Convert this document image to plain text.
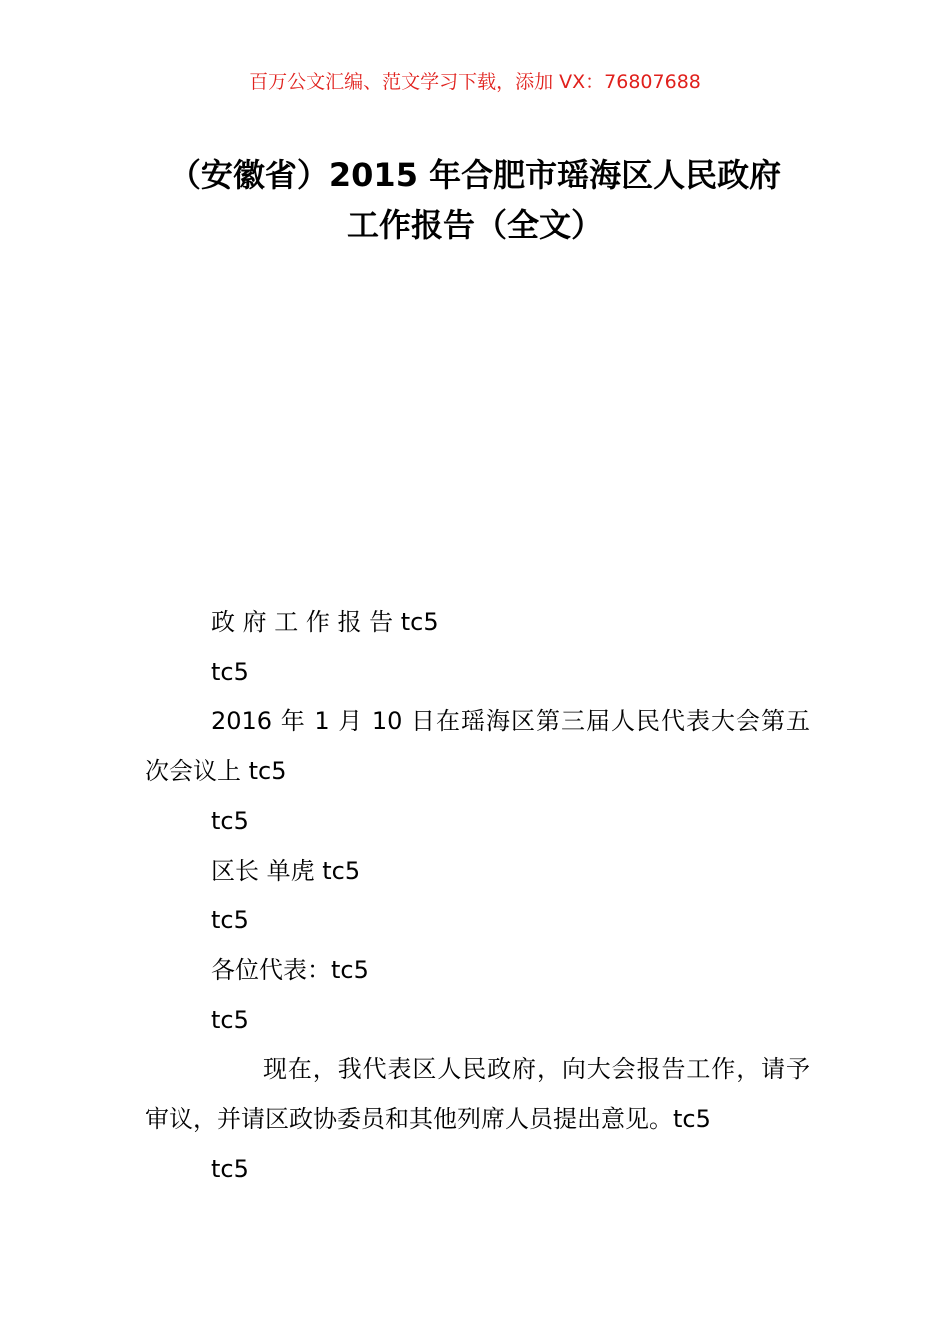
百万公文汇编、范文学习下载，添加 VX：76807688
（安徽省）2015 年合肥市瑶海区人民政府
工作报告（全文）

政 府 工 作 报 告 tc5

tc5

2016 年 1 月 10 日在瑶海区第三届人民代表大会第五次会议上 tc5

tc5

区长 单虎 tc5

tc5

各位代表：tc5

tc5

现在，我代表区人民政府，向大会报告工作，请予审议，并请区政协委员和其他列席人员提出意见。tc5

tc5
